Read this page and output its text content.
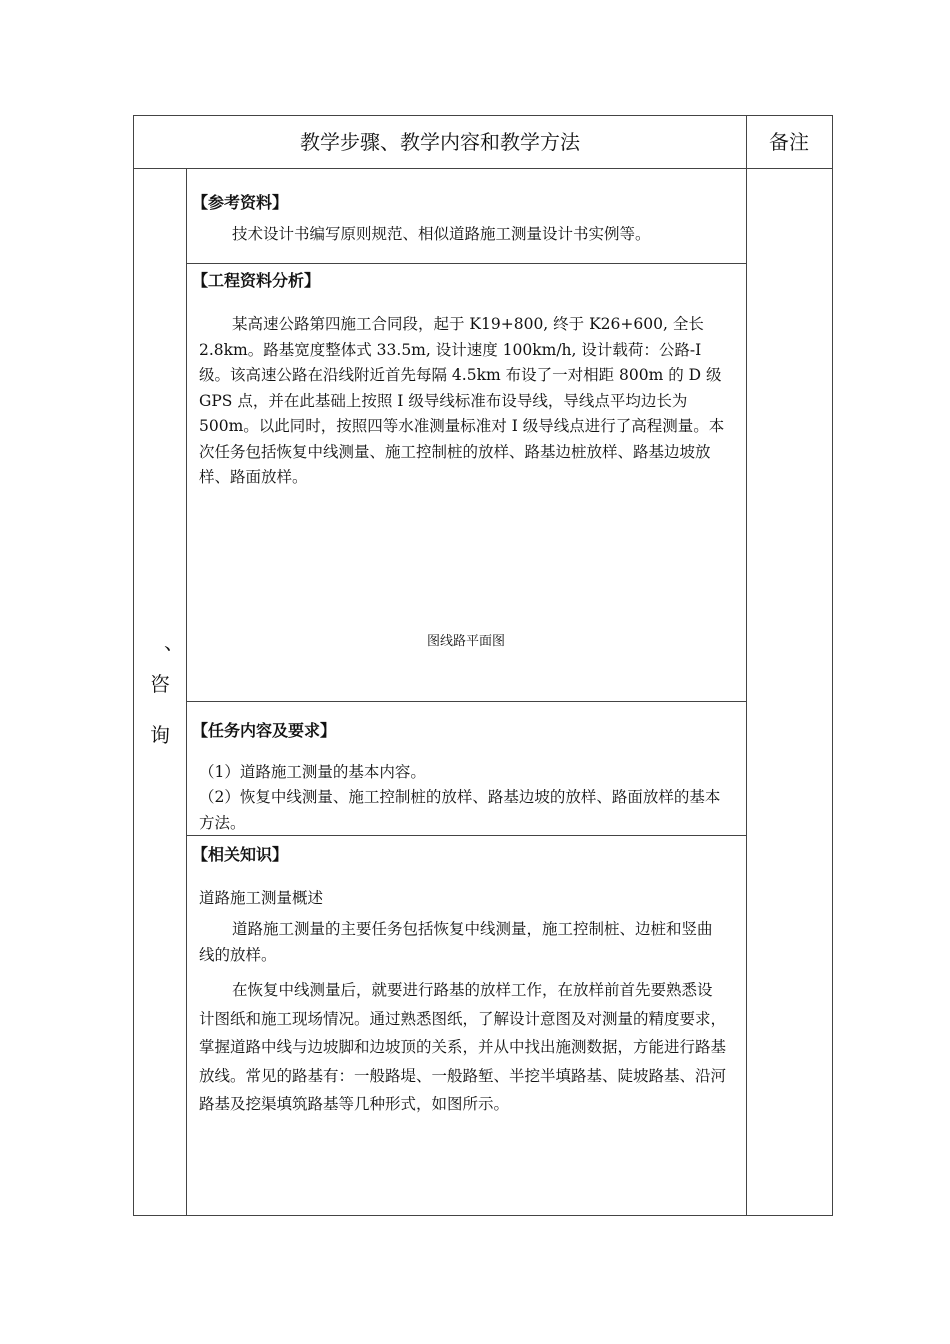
教学步骤、教学内容和教学方法	备注
、
咨
询
【参考资料】
技术设计书编写原则规范、相似道路施工测量设计书实例等。
【工程资料分析】
某高速公路第四施工合同段，起于 K19+800, 终于 K26+600, 全长 2.8km。路基宽度整体式 33.5m, 设计速度 100km/h, 设计载荷：公路-I 级。该高速公路在沿线附近首先每隔 4.5km 布设了一对相距 800m 的 D 级 GPS 点，并在此基础上按照 I 级导线标准布设导线，导线点平均边长为 500m。以此同时，按照四等水准测量标准对 I 级导线点进行了高程测量。本次任务包括恢复中线测量、施工控制桩的放样、路基边桩放样、路基边坡放样、路面放样。
图线路平面图
【任务内容及要求】
（1）道路施工测量的基本内容。
（2）恢复中线测量、施工控制桩的放样、路基边坡的放样、路面放样的基本方法。
【相关知识】
道路施工测量概述
道路施工测量的主要任务包括恢复中线测量，施工控制桩、边桩和竖曲线的放样。
在恢复中线测量后，就要进行路基的放样工作，在放样前首先要熟悉设计图纸和施工现场情况。通过熟悉图纸，了解设计意图及对测量的精度要求，掌握道路中线与边坡脚和边坡顶的关系，并从中找出施测数据，方能进行路基放线。常见的路基有：一般路堤、一般路堑、半挖半填路基、陡坡路基、沿河路基及挖渠填筑路基等几种形式，如图所示。
